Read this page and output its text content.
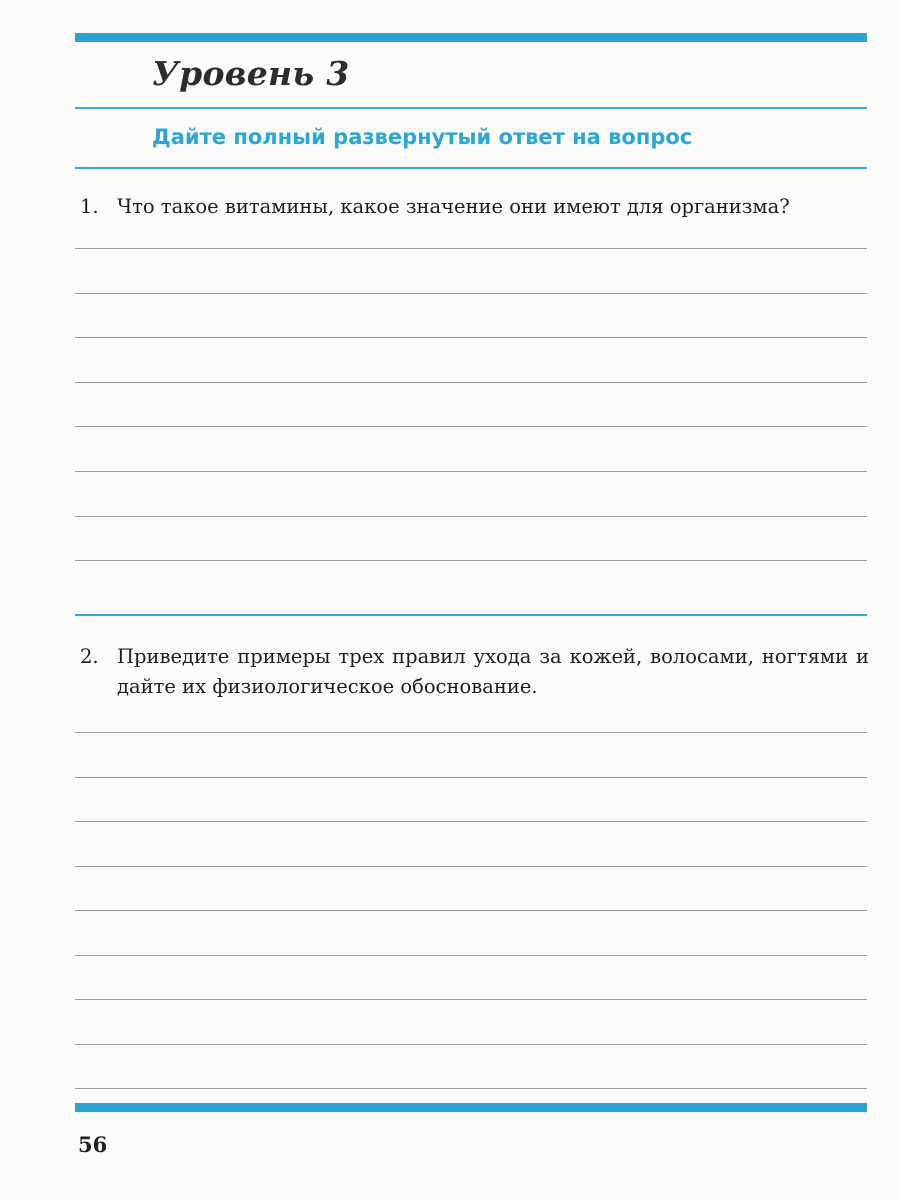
Уровень 3
Дайте полный развернутый ответ на вопрос
1. Что такое витамины, какое значение они имеют для организма?
2. Приведите примеры трех правил ухода за кожей, волосами, ногтями и дайте их физиологическое обоснование.
56
